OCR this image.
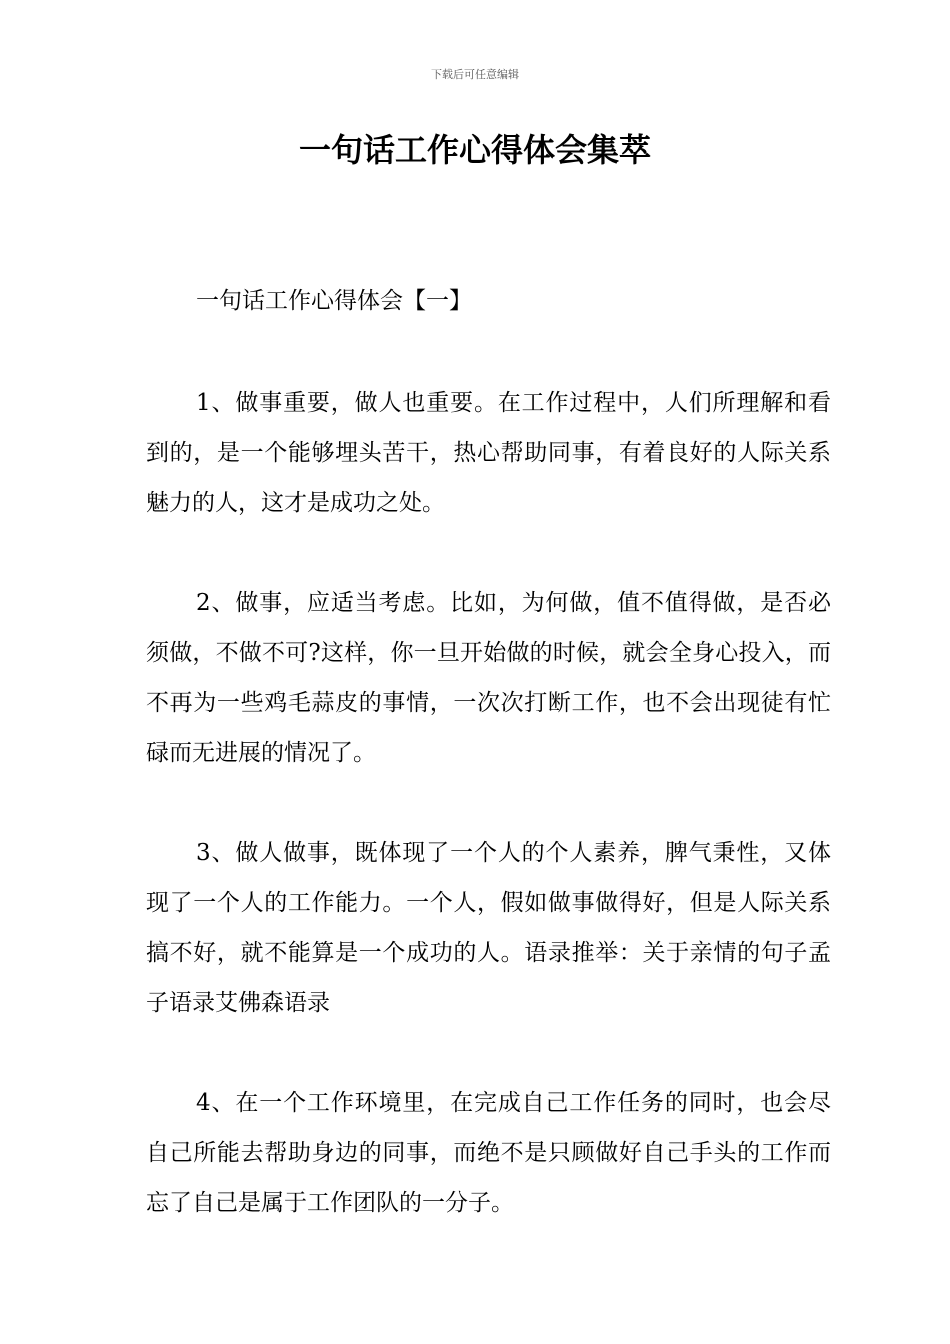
下载后可任意编辑
一句话工作心得体会集萃

一句话工作心得体会【一】

1、做事重要，做人也重要。在工作过程中，人们所理解和看到的，是一个能够埋头苦干，热心帮助同事，有着良好的人际关系魅力的人，这才是成功之处。

2、做事，应适当考虑。比如，为何做，值不值得做，是否必须做，不做不可?这样，你一旦开始做的时候，就会全身心投入，而不再为一些鸡毛蒜皮的事情，一次次打断工作，也不会出现徒有忙碌而无进展的情况了。

3、做人做事，既体现了一个人的个人素养，脾气秉性，又体现了一个人的工作能力。一个人，假如做事做得好，但是人际关系搞不好，就不能算是一个成功的人。语录推举：关于亲情的句子孟子语录艾佛森语录

4、在一个工作环境里，在完成自己工作任务的同时，也会尽自己所能去帮助身边的同事，而绝不是只顾做好自己手头的工作而忘了自己是属于工作团队的一分子。
